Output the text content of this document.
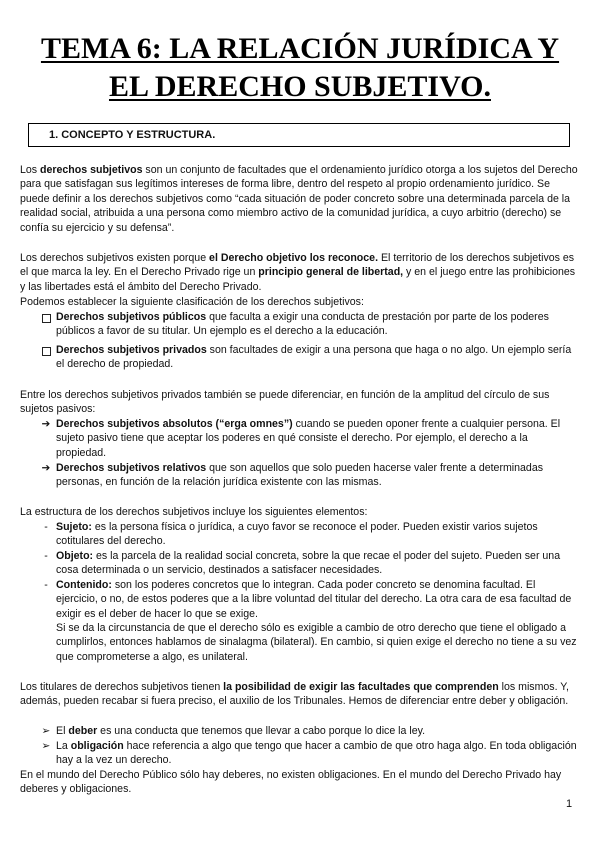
TEMA 6: LA RELACIÓN JURÍDICA Y
EL DERECHO SUBJETIVO.
1. CONCEPTO Y ESTRUCTURA.

Los derechos subjetivos son un conjunto de facultades que el ordenamiento jurídico otorga a los sujetos del Derecho para que satisfagan sus legítimos intereses de forma libre, dentro del respeto al propio ordenamiento jurídico. Se puede definir a los derechos subjetivos como “cada situación de poder concreto sobre una determinada parcela de la realidad social, atribuida a una persona como miembro activo de la comunidad jurídica, a cuyo arbitrio (derecho) se confía su ejercicio y su defensa”.

Los derechos subjetivos existen porque el Derecho objetivo los reconoce. El territorio de los derechos subjetivos es el que marca la ley. En el Derecho Privado rige un principio general de libertad, y en el juego entre las prohibiciones y las libertades está el ámbito del Derecho Privado.

Podemos establecer la siguiente clasificación de los derechos subjetivos:

Derechos subjetivos públicos que faculta a exigir una conducta de prestación por parte de los poderes públicos a favor de su titular. Un ejemplo es el derecho a la educación.

Derechos subjetivos privados son facultades de exigir a una persona que haga o no algo. Un ejemplo sería el derecho de propiedad.

Entre los derechos subjetivos privados también se puede diferenciar, en función de la amplitud del círculo de sus sujetos pasivos:

➔ Derechos subjetivos absolutos (“erga omnes”) cuando se pueden oponer frente a cualquier persona. El sujeto pasivo tiene que aceptar los poderes en qué consiste el derecho. Por ejemplo, el derecho a la propiedad.

➔ Derechos subjetivos relativos que son aquellos que solo pueden hacerse valer frente a determinadas personas, en función de la relación jurídica existente con las mismas.

La estructura de los derechos subjetivos incluye los siguientes elementos:

- Sujeto: es la persona física o jurídica, a cuyo favor se reconoce el poder. Pueden existir varios sujetos cotitulares del derecho.

- Objeto: es la parcela de la realidad social concreta, sobre la que recae el poder del sujeto. Pueden ser una cosa determinada o un servicio, destinados a satisfacer necesidades.

- Contenido: son los poderes concretos que lo integran. Cada poder concreto se denomina facultad. El ejercicio, o no, de estos poderes que a la libre voluntad del titular del derecho. La otra cara de esa facultad de exigir es el deber de hacer lo que se exige.

Si se da la circunstancia de que el derecho sólo es exigible a cambio de otro derecho que tiene el obligado a cumplirlos, entonces hablamos de sinalagma (bilateral). En cambio, si quien exige el derecho no tiene a su vez que comprometerse a algo, es unilateral.

Los titulares de derechos subjetivos tienen la posibilidad de exigir las facultades que comprenden los mismos. Y, además, pueden recabar si fuera preciso, el auxilio de los Tribunales. Hemos de diferenciar entre deber y obligación.

➢ El deber es una conducta que tenemos que llevar a cabo porque lo dice la ley.

➢ La obligación hace referencia a algo que tengo que hacer a cambio de que otro haga algo. En toda obligación hay a la vez un derecho.

En el mundo del Derecho Público sólo hay deberes, no existen obligaciones. En el mundo del Derecho Privado hay deberes y obligaciones.

1
